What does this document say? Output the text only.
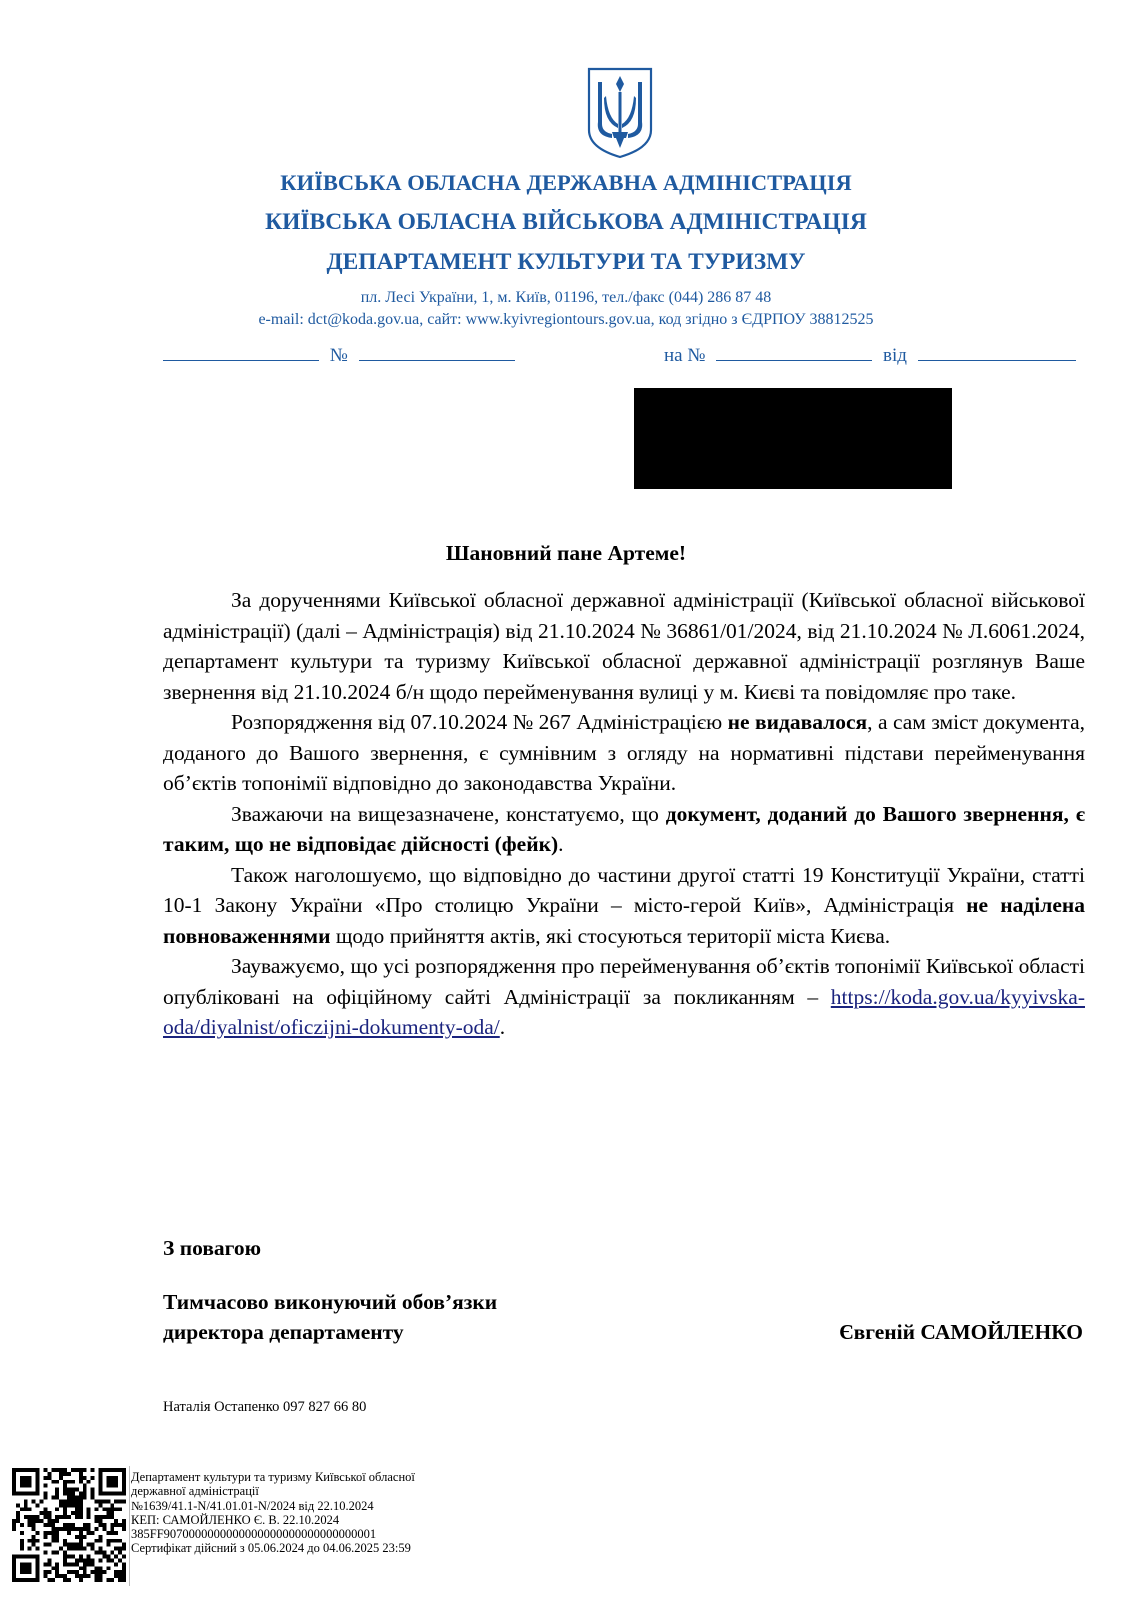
КИЇВСЬКА ОБЛАСНА ДЕРЖАВНА АДМІНІСТРАЦІЯ
КИЇВСЬКА ОБЛАСНА ВІЙСЬКОВА АДМІНІСТРАЦІЯ
ДЕПАРТАМЕНТ КУЛЬТУРИ ТА ТУРИЗМУ
пл. Лесі України, 1, м. Київ, 01196, тел./факс (044) 286 87 48
e-mail: dct@koda.gov.ua, сайт: www.kyivregiontours.gov.ua, код згідно з ЄДРПОУ 38812525
№	на №	від
Шановний пане Артеме!

За дорученнями Київської обласної державної адміністрації (Київської обласної військової адміністрації) (далі – Адміністрація) від 21.10.2024 № 36861/01/2024, від 21.10.2024 № Л.6061.2024, департамент культури та туризму Київської обласної державної адміністрації розглянув Ваше звернення від 21.10.2024 б/н щодо перейменування вулиці у м. Києві та повідомляє про таке.

Розпорядження від 07.10.2024 № 267 Адміністрацією не видавалося, а сам зміст документа, доданого до Вашого звернення, є сумнівним з огляду на нормативні підстави перейменування об’єктів топонімії відповідно до законодавства України.

Зважаючи на вищезазначене, констатуємо, що документ, доданий до Вашого звернення, є таким, що не відповідає дійсності (фейк).

Також наголошуємо, що відповідно до частини другої статті 19 Конституції України, статті 10-1 Закону України «Про столицю України – місто-герой Київ», Адміністрація не наділена повноваженнями щодо прийняття актів, які стосуються території міста Києва.

Зауважуємо, що усі розпорядження про перейменування об’єктів топонімії Київської області опубліковані на офіційному сайті Адміністрації за покликанням – https://koda.gov.ua/kyyivska-oda/diyalnist/oficzijni-dokumenty-oda/.

З повагою
Тимчасово виконуючий обов’язки
директора департаменту	Євгеній САМОЙЛЕНКО
Наталія Остапенко 097 827 66 80
Департамент культури та туризму Київської обласної
державної адміністрації
№1639/41.1-N/41.01.01-N/2024 від 22.10.2024
КЕП: САМОЙЛЕНКО Є. В. 22.10.2024
385FF9070000000000000000000000000000001
Сертифікат дійсний з 05.06.2024 до 04.06.2025 23:59
